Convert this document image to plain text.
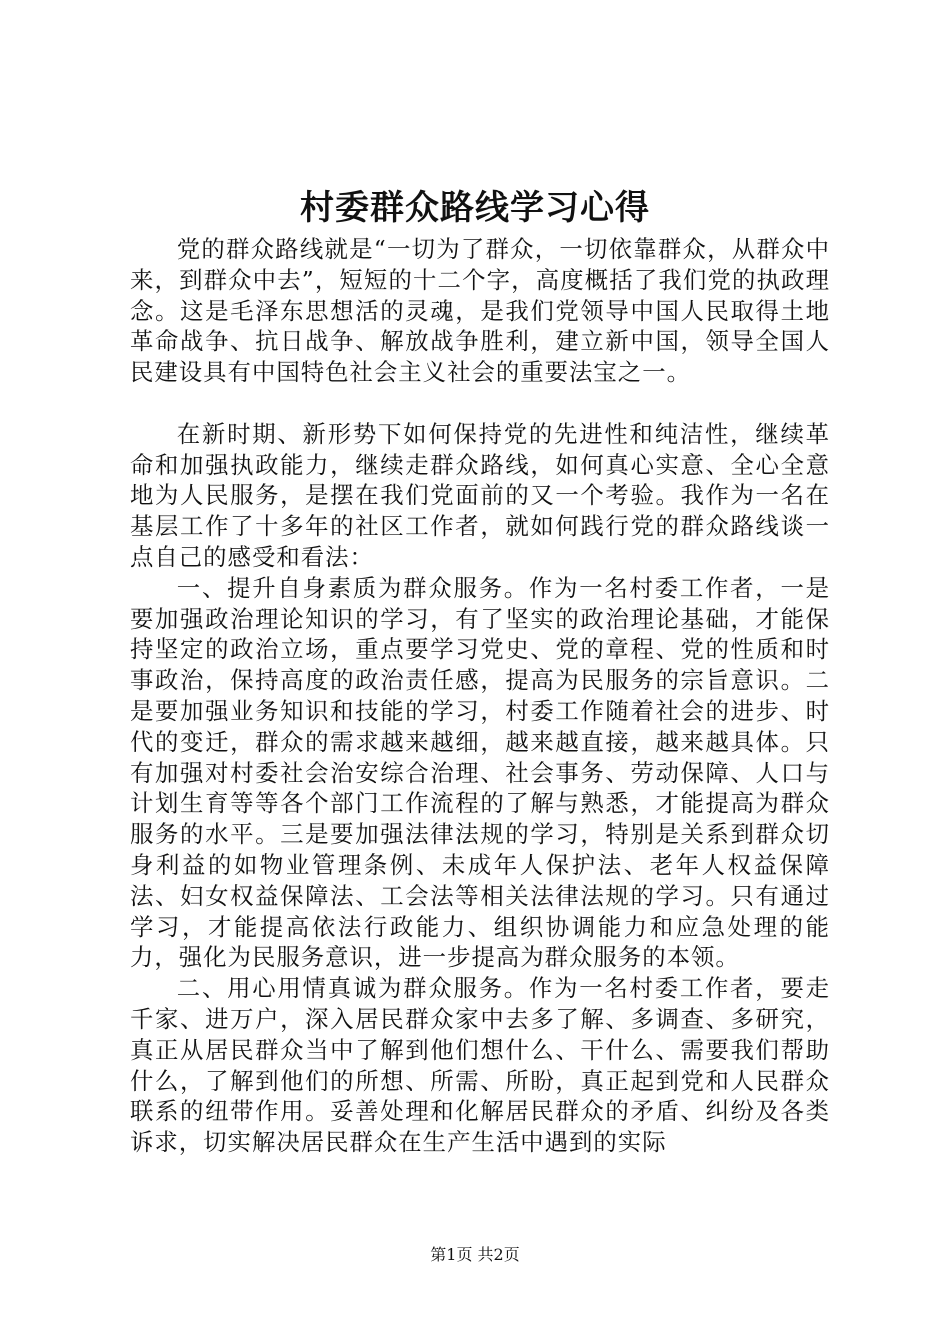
村委群众路线学习心得

党的群众路线就是“一切为了群众，一切依靠群众，从群众中来，到群众中去”，短短的十二个字，高度概括了我们党的执政理念。这是毛泽东思想活的灵魂，是我们党领导中国人民取得土地革命战争、抗日战争、解放战争胜利，建立新中国，领导全国人民建设具有中国特色社会主义社会的重要法宝之一。

在新时期、新形势下如何保持党的先进性和纯洁性，继续革命和加强执政能力，继续走群众路线，如何真心实意、全心全意地为人民服务，是摆在我们党面前的又一个考验。我作为一名在基层工作了十多年的社区工作者，就如何践行党的群众路线谈一点自己的感受和看法：

一、提升自身素质为群众服务。作为一名村委工作者，一是要加强政治理论知识的学习，有了坚实的政治理论基础，才能保持坚定的政治立场，重点要学习党史、党的章程、党的性质和时事政治，保持高度的政治责任感，提高为民服务的宗旨意识。二是要加强业务知识和技能的学习，村委工作随着社会的进步、时代的变迁，群众的需求越来越细，越来越直接，越来越具体。只有加强对村委社会治安综合治理、社会事务、劳动保障、人口与计划生育等等各个部门工作流程的了解与熟悉，才能提高为群众服务的水平。三是要加强法律法规的学习，特别是关系到群众切身利益的如物业管理条例、未成年人保护法、老年人权益保障法、妇女权益保障法、工会法等相关法律法规的学习。只有通过学习，才能提高依法行政能力、组织协调能力和应急处理的能力，强化为民服务意识，进一步提高为群众服务的本领。

二、用心用情真诚为群众服务。作为一名村委工作者，要走千家、进万户，深入居民群众家中去多了解、多调查、多研究，真正从居民群众当中了解到他们想什么、干什么、需要我们帮助什么，了解到他们的所想、所需、所盼，真正起到党和人民群众联系的纽带作用。妥善处理和化解居民群众的矛盾、纠纷及各类诉求，切实解决居民群众在生产生活中遇到的实际

第1页 共2页
